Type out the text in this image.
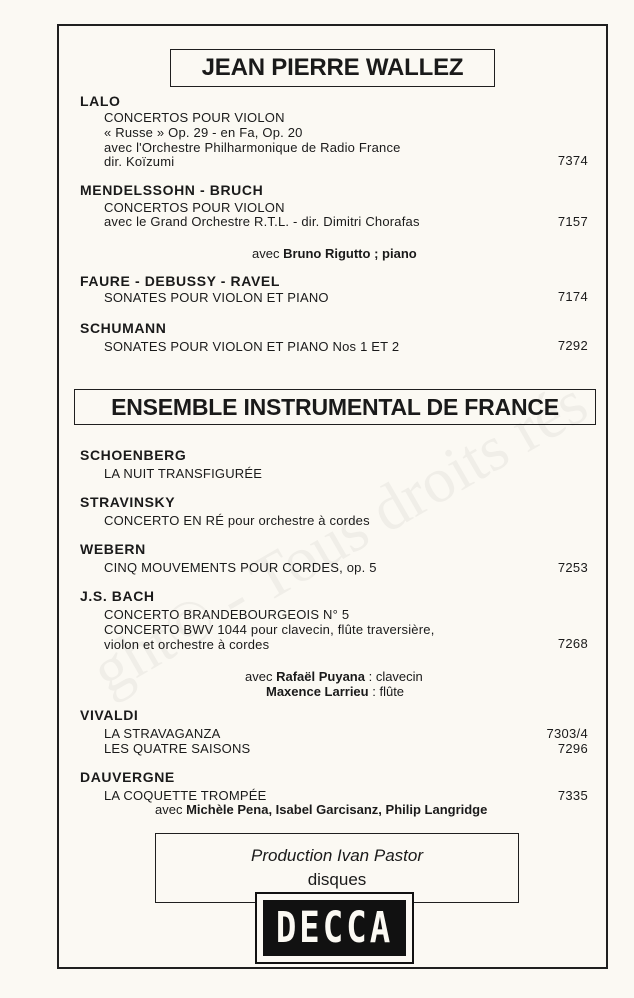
JEAN PIERRE WALLEZ
LALO
CONCERTOS POUR VIOLON
« Russe » Op. 29 - en Fa, Op. 20
avec l'Orchestre Philharmonique de Radio France
dir. Koïzumi	7374
MENDELSSOHN - BRUCH
CONCERTOS POUR VIOLON
avec le Grand Orchestre R.T.L. - dir. Dimitri Chorafas	7157
avec Bruno Rigutto ; piano
FAURE - DEBUSSY - RAVEL
SONATES POUR VIOLON ET PIANO	7174
SCHUMANN
SONATES POUR VIOLON ET PIANO Nos 1 ET 2	7292
ENSEMBLE INSTRUMENTAL DE FRANCE
SCHOENBERG
LA NUIT TRANSFIGURÉE
STRAVINSKY
CONCERTO EN RÉ pour orchestre à cordes
WEBERN
CINQ MOUVEMENTS POUR CORDES, op. 5	7253
J.S. BACH
CONCERTO BRANDEBOURGEOIS N° 5
CONCERTO BWV 1044 pour clavecin, flûte traversière,
violon et orchestre à cordes	7268
avec Rafaël Puyana : clavecin
Maxence Larrieu : flûte
VIVALDI
LA STRAVAGANZA	7303/4
LES QUATRE SAISONS	7296
DAUVERGNE
LA COQUETTE TROMPÉE	7335
avec Michèle Pena, Isabel Garcisanz, Philip Langridge
Production Ivan Pastor
disques
DECCA
